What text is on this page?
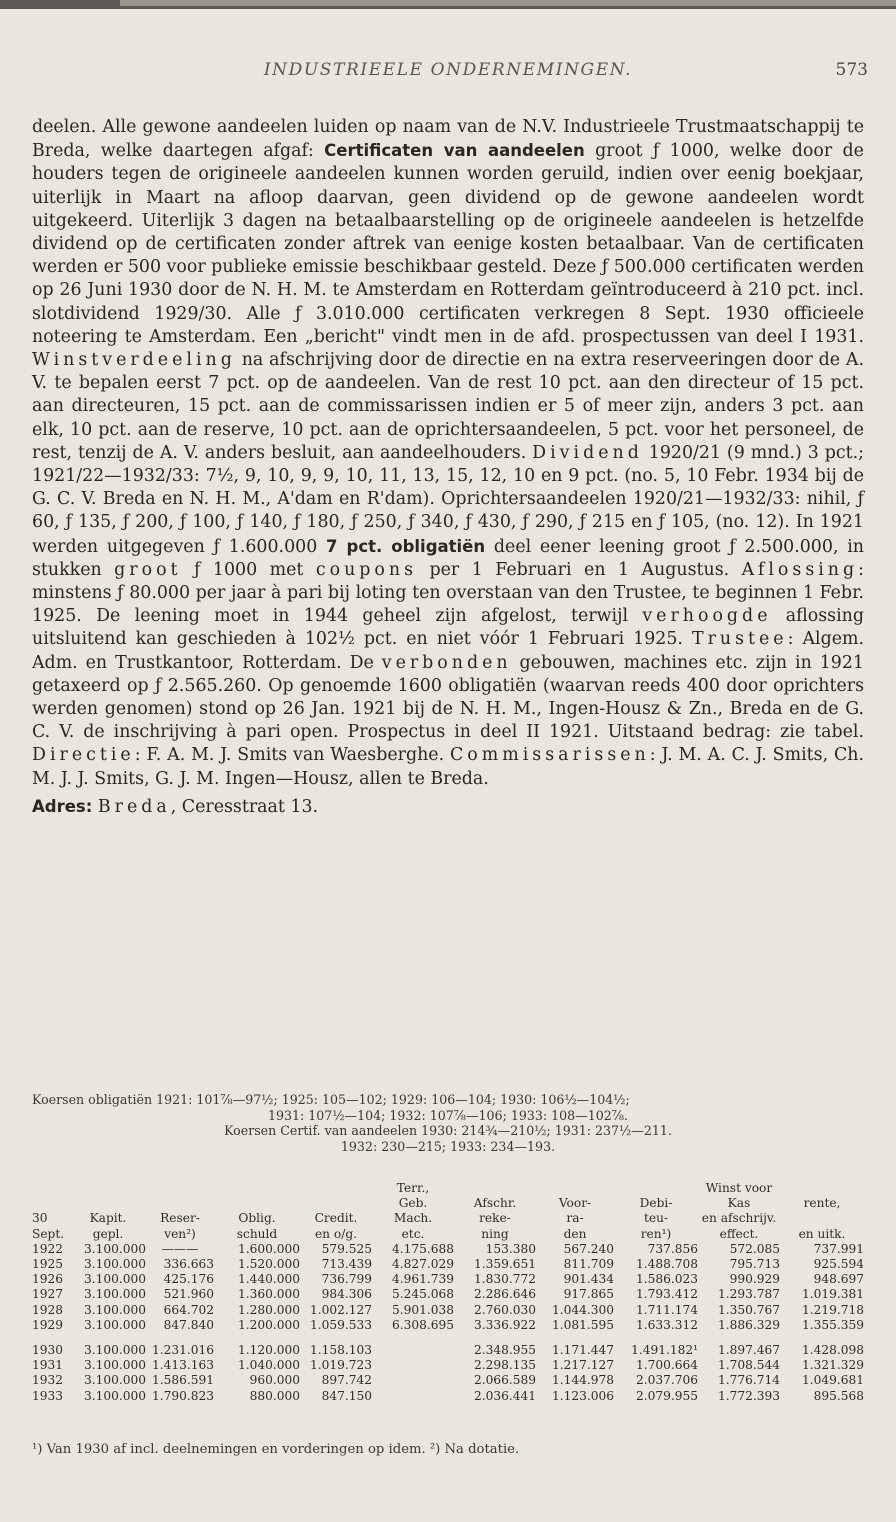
INDUSTRIEELE ONDERNEMINGEN.	573

deelen. Alle gewone aandeelen luiden op naam van de N.V. Industrieele Trustmaatschappij te Breda, welke daartegen afgaf: Certificaten van aandeelen groot ƒ 1000, welke door de houders tegen de origineele aandeelen kunnen worden geruild, indien over eenig boekjaar, uiterlijk in Maart na afloop daarvan, geen dividend op de gewone aandeelen wordt uitgekeerd. Uiterlijk 3 dagen na betaalbaarstelling op de origineele aandeelen is hetzelfde dividend op de certificaten zonder aftrek van eenige kosten betaalbaar. Van de certificaten werden er 500 voor publieke emissie beschikbaar gesteld. Deze ƒ 500.000 certificaten werden op 26 Juni 1930 door de N. H. M. te Amsterdam en Rotterdam geïntroduceerd à 210 pct. incl. slotdividend 1929/30. Alle ƒ 3.010.000 certificaten verkregen 8 Sept. 1930 officieele noteering te Amsterdam. Een „bericht" vindt men in de afd. prospectussen van deel I 1931. Winstverdeeling na afschrijving door de directie en na extra reserveeringen door de A. V. te bepalen eerst 7 pct. op de aandeelen. Van de rest 10 pct. aan den directeur of 15 pct. aan directeuren, 15 pct. aan de commissarissen indien er 5 of meer zijn, anders 3 pct. aan elk, 10 pct. aan de reserve, 10 pct. aan de oprichtersaandeelen, 5 pct. voor het personeel, de rest, tenzij de A. V. anders besluit, aan aandeelhouders. Dividend 1920/21 (9 mnd.) 3 pct.; 1921/22—1932/33: 7½, 9, 10, 9, 9, 10, 11, 13, 15, 12, 10 en 9 pct. (no. 5, 10 Febr. 1934 bij de G. C. V. Breda en N. H. M., A'dam en R'dam). Oprichtersaandeelen 1920/21—1932/33: nihil, ƒ 60, ƒ 135, ƒ 200, ƒ 100, ƒ 140, ƒ 180, ƒ 250, ƒ 340, ƒ 430, ƒ 290, ƒ 215 en ƒ 105, (no. 12). In 1921 werden uitgegeven ƒ 1.600.000 7 pct. obligatiën deel eener leening groot ƒ 2.500.000, in stukken groot ƒ 1000 met coupons per 1 Februari en 1 Augustus. Aflossing: minstens ƒ 80.000 per jaar à pari bij loting ten overstaan van den Trustee, te beginnen 1 Febr. 1925. De leening moet in 1944 geheel zijn afgelost, terwijl verhoogde aflossing uitsluitend kan geschieden à 102½ pct. en niet vóór 1 Februari 1925. Trustee: Algem. Adm. en Trustkantoor, Rotterdam. De verbonden gebouwen, machines etc. zijn in 1921 getaxeerd op ƒ 2.565.260. Op genoemde 1600 obligatiën (waarvan reeds 400 door oprichters werden genomen) stond op 26 Jan. 1921 bij de N. H. M., Ingen-Housz & Zn., Breda en de G. C. V. de inschrijving à pari open. Prospectus in deel II 1921. Uitstaand bedrag: zie tabel. Directie: F. A. M. J. Smits van Waesberghe. Commissarissen: J. M. A. C. J. Smits, Ch. M. J. J. Smits, G. J. M. Ingen—Housz, allen te Breda.

Adres: Breda, Ceresstraat 13.

Koersen obligatiën 1921: 101⅞—97½; 1925: 105—102; 1929: 106—104; 1930: 106½—104½;
1931: 107½—104; 1932: 107⅞—106; 1933: 108—102⅞.
Koersen Certif. van aandeelen 1930: 214¾—210½; 1931: 237½—211.
1932: 230—215; 1933: 234—193.
					Terr.,				Winst voor	
					Geb.	Afschr.	Voor-	Debi-	Kas	rente,
30	Kapit.	Reser-	Oblig.	Credit.	Mach.	reke-	ra-	teu-	en afschrijv.	
Sept.	gepl.	ven²)	schuld	en o/g.	etc.	ning	den	ren¹)	effect.	en uitk.
1922	3.100.000	———	1.600.000	579.525	4.175.688	153.380	567.240	737.856	572.085	737.991
1925	3.100.000	336.663	1.520.000	713.439	4.827.029	1.359.651	811.709	1.488.708	795.713	925.594
1926	3.100.000	425.176	1.440.000	736.799	4.961.739	1.830.772	901.434	1.586.023	990.929	948.697
1927	3.100.000	521.960	1.360.000	984.306	5.245.068	2.286.646	917.865	1.793.412	1.293.787	1.019.381
1928	3.100.000	664.702	1.280.000	1.002.127	5.901.038	2.760.030	1.044.300	1.711.174	1.350.767	1.219.718
1929	3.100.000	847.840	1.200.000	1.059.533	6.308.695	3.336.922	1.081.595	1.633.312	1.886.329	1.355.359

1930	3.100.000	1.231.016	1.120.000	1.158.103		2.348.955	1.171.447	1.491.182¹	1.897.467	1.428.098
1931	3.100.000	1.413.163	1.040.000	1.019.723		2.298.135	1.217.127	1.700.664	1.708.544	1.321.329
1932	3.100.000	1.586.591	960.000	897.742		2.066.589	1.144.978	2.037.706	1.776.714	1.049.681
1933	3.100.000	1.790.823	880.000	847.150		2.036.441	1.123.006	2.079.955	1.772.393	895.568
¹) Van 1930 af incl. deelnemingen en vorderingen op idem. ²) Na dotatie.
